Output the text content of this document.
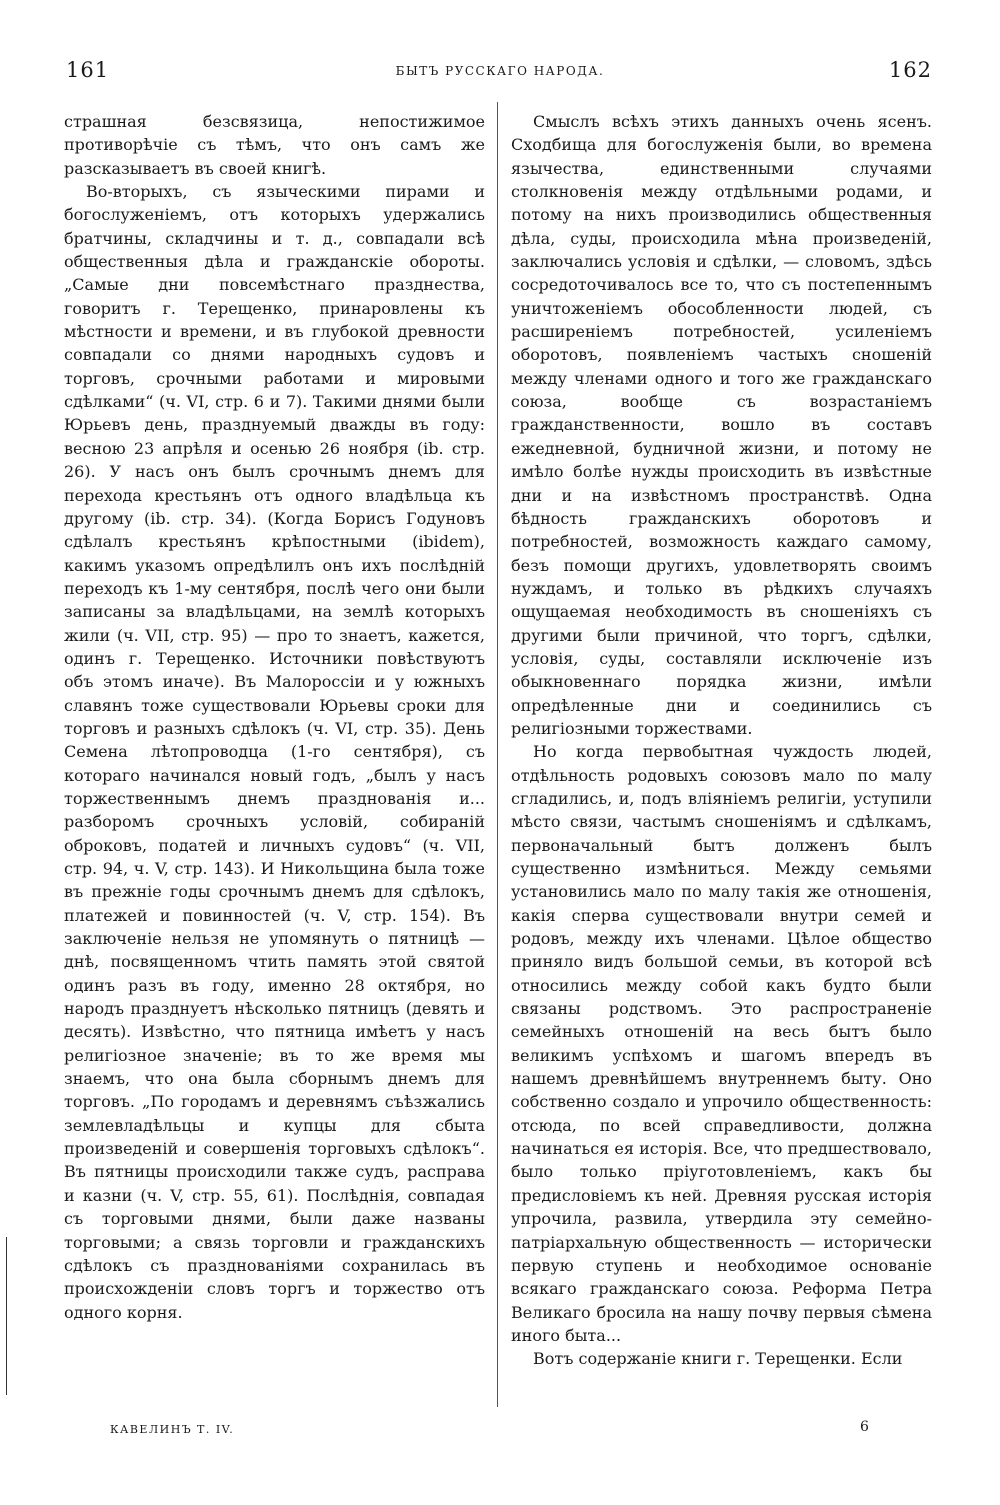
161	БЫТЪ РУССКАГО НАРОДА.	162

страшная безсвязица, непостижимое противорѣчіе съ тѣмъ, что онъ самъ же разсказываетъ въ своей книгѣ.

Во-вторыхъ, съ языческими пирами и богослуженіемъ, отъ которыхъ удержались братчины, складчины и т. д., совпадали всѣ общественныя дѣла и гражданскіе обороты. „Самые дни повсемѣстнаго празднества, говоритъ г. Терещенко, принаровлены къ мѣстности и времени, и въ глубокой древности совпадали со днями народныхъ судовъ и торговъ, срочными работами и мировыми сдѣлками“ (ч. VI, стр. 6 и 7). Такими днями были Юрьевъ день, празднуемый дважды въ году: весною 23 апрѣля и осенью 26 ноября (ib. стр. 26). У насъ онъ былъ срочнымъ днемъ для перехода крестьянъ отъ одного владѣльца къ другому (ib. стр. 34). (Когда Борисъ Годуновъ сдѣлалъ крестьянъ крѣпостными (ibidem), какимъ указомъ опредѣлилъ онъ ихъ послѣдній переходъ къ 1-му сентября, послѣ чего они были записаны за владѣльцами, на землѣ которыхъ жили (ч. VII, стр. 95) — про то знаетъ, кажется, одинъ г. Терещенко. Источники повѣствуютъ объ этомъ иначе). Въ Малороссіи и у южныхъ славянъ тоже существовали Юрьевы сроки для торговъ и разныхъ сдѣлокъ (ч. VI, стр. 35). День Семена лѣтопроводца (1-го сентября), съ котораго начинался новый годъ, „былъ у насъ торжественнымъ днемъ празднованія и... разборомъ срочныхъ условій, собираній оброковъ, податей и личныхъ судовъ“ (ч. VII, стр. 94, ч. V, стр. 143). И Никольщина была тоже въ прежніе годы срочнымъ днемъ для сдѣлокъ, платежей и повинностей (ч. V, стр. 154). Въ заключеніе нельзя не упомянуть о пятницѣ — днѣ, посвященномъ чтить память этой святой одинъ разъ въ году, именно 28 октября, но народъ празднуетъ нѣсколько пятницъ (девять и десять). Извѣстно, что пятница имѣетъ у насъ религіозное значеніе; въ то же время мы знаемъ, что она была сборнымъ днемъ для торговъ. „По городамъ и деревнямъ съѣзжались землевладѣльцы и купцы для сбыта произведеній и совершенія торговыхъ сдѣлокъ“. Въ пятницы происходили также судъ, расправа и казни (ч. V, стр. 55, 61). Послѣднія, совпадая съ торговыми днями, были даже названы торговыми; а связь торговли и гражданскихъ сдѣлокъ съ празднованіями сохранилась въ происхожденіи словъ торгъ и торжество отъ одного корня.

Смыслъ всѣхъ этихъ данныхъ очень ясенъ. Сходбища для богослуженія были, во времена язычества, единственными случаями столкновенія между отдѣльными родами, и потому на нихъ производились общественныя дѣла, суды, происходила мѣна произведеній, заключались условія и сдѣлки, — словомъ, здѣсь сосредоточивалось все то, что съ постепеннымъ уничтоженіемъ обособленности людей, съ расширеніемъ потребностей, усиленіемъ оборотовъ, появленіемъ частыхъ сношеній между членами одного и того же гражданскаго союза, вообще съ возрастаніемъ гражданственности, вошло въ составъ ежедневной, будничной жизни, и потому не имѣло болѣе нужды происходить въ извѣстные дни и на извѣстномъ пространствѣ. Одна бѣдность гражданскихъ оборотовъ и потребностей, возможность каждаго самому, безъ помощи другихъ, удовлетворять своимъ нуждамъ, и только въ рѣдкихъ случаяхъ ощущаемая необходимость въ сношеніяхъ съ другими были причиной, что торгъ, сдѣлки, условія, суды, составляли исключеніе изъ обыкновеннаго порядка жизни, имѣли опредѣленные дни и соединились съ религіозными торжествами.

Но когда первобытная чуждость людей, отдѣльность родовыхъ союзовъ мало по малу сгладились, и, подъ вліяніемъ религіи, уступили мѣсто связи, частымъ сношеніямъ и сдѣлкамъ, первоначальный бытъ долженъ былъ существенно измѣниться. Между семьями установились мало по малу такія же отношенія, какія сперва существовали внутри семей и родовъ, между ихъ членами. Цѣлое общество приняло видъ большой семьи, въ которой всѣ относились между собой какъ будто были связаны родствомъ. Это распространеніе семейныхъ отношеній на весь бытъ было великимъ успѣхомъ и шагомъ впередъ въ нашемъ древнѣйшемъ внутреннемъ быту. Оно собственно создало и упрочило общественность: отсюда, по всей справедливости, должна начинаться ея исторія. Все, что предшествовало, было только пріуготовленіемъ, какъ бы предисловіемъ къ ней. Древняя русская исторія упрочила, развила, утвердила эту семейно-патріархальную общественность — исторически первую ступень и необходимое основаніе всякаго гражданскаго союза. Реформа Петра Великаго бросила на нашу почву первыя сѣмена иного быта...

Вотъ содержаніе книги г. Терещенки. Если

КАВЕЛИНЪ Т. IV.	6
